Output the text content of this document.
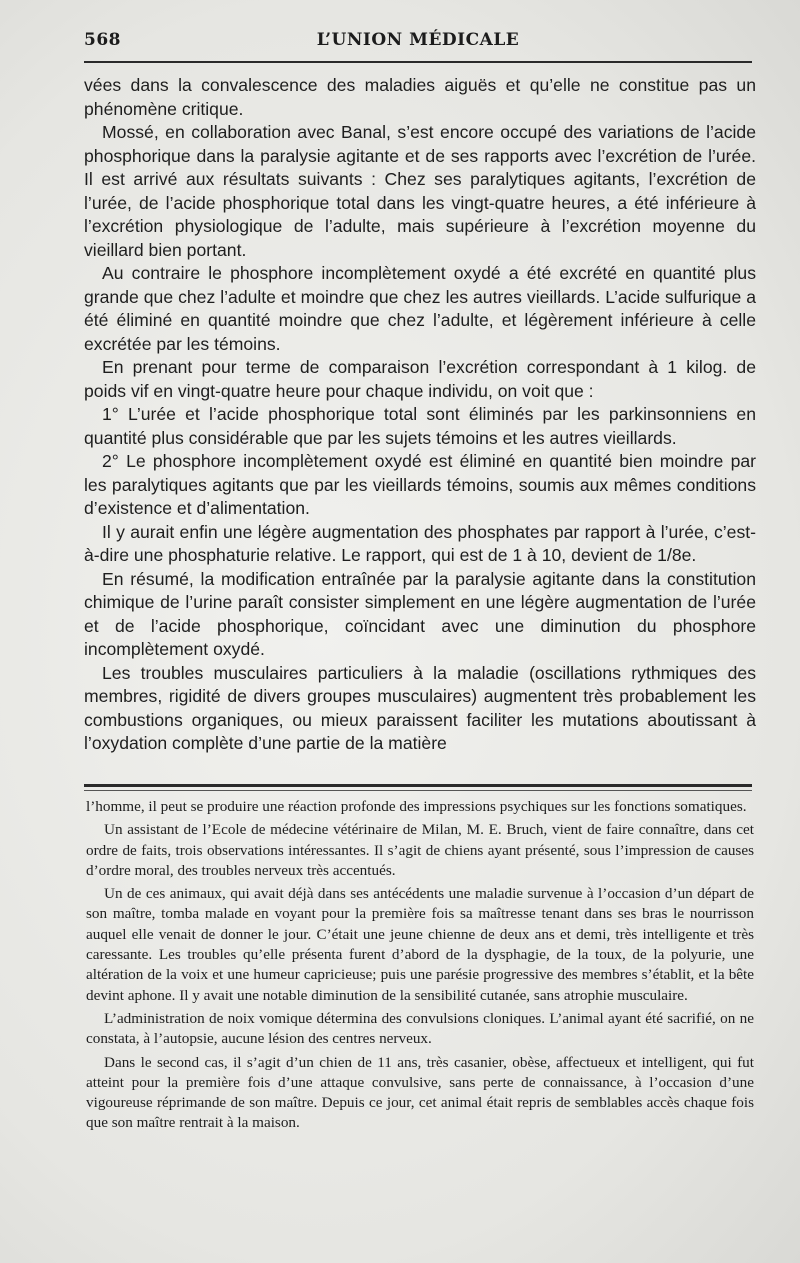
568	L’UNION MÉDICALE

vées dans la convalescence des maladies aiguës et qu’elle ne constitue pas un phénomène critique.

Mossé, en collaboration avec Banal, s’est encore occupé des variations de l’acide phosphorique dans la paralysie agitante et de ses rapports avec l’excrétion de l’urée. Il est arrivé aux résultats suivants : Chez ses paralytiques agitants, l’excrétion de l’urée, de l’acide phosphorique total dans les vingt-quatre heures, a été inférieure à l’excrétion physiologique de l’adulte, mais supérieure à l’excrétion moyenne du vieillard bien portant.

Au contraire le phosphore incomplètement oxydé a été excrété en quantité plus grande que chez l’adulte et moindre que chez les autres vieillards. L’acide sulfurique a été éliminé en quantité moindre que chez l’adulte, et légèrement inférieure à celle excrétée par les témoins.

En prenant pour terme de comparaison l’excrétion correspondant à 1 kilog. de poids vif en vingt-quatre heure pour chaque individu, on voit que :

1° L’urée et l’acide phosphorique total sont éliminés par les parkinsonniens en quantité plus considérable que par les sujets témoins et les autres vieillards.

2° Le phosphore incomplètement oxydé est éliminé en quantité bien moindre par les paralytiques agitants que par les vieillards témoins, soumis aux mêmes conditions d’existence et d’alimentation.

Il y aurait enfin une légère augmentation des phosphates par rapport à l’urée, c’est-à-dire une phosphaturie relative. Le rapport, qui est de 1 à 10, devient de 1/8e.

En résumé, la modification entraînée par la paralysie agitante dans la constitution chimique de l’urine paraît consister simplement en une légère augmentation de l’urée et de l’acide phosphorique, coïncidant avec une diminution du phosphore incomplètement oxydé.

Les troubles musculaires particuliers à la maladie (oscillations rythmiques des membres, rigidité de divers groupes musculaires) augmentent très probablement les combustions organiques, ou mieux paraissent faciliter les mutations aboutissant à l’oxydation complète d’une partie de la matière

l’homme, il peut se produire une réaction profonde des impressions psychiques sur les fonctions somatiques.

Un assistant de l’Ecole de médecine vétérinaire de Milan, M. E. Bruch, vient de faire connaître, dans cet ordre de faits, trois observations intéressantes. Il s’agit de chiens ayant présenté, sous l’impression de causes d’ordre moral, des troubles nerveux très accentués.

Un de ces animaux, qui avait déjà dans ses antécédents une maladie survenue à l’occasion d’un départ de son maître, tomba malade en voyant pour la première fois sa maîtresse tenant dans ses bras le nourrisson auquel elle venait de donner le jour. C’était une jeune chienne de deux ans et demi, très intelligente et très caressante. Les troubles qu’elle présenta furent d’abord de la dysphagie, de la toux, de la polyurie, une altération de la voix et une humeur capricieuse; puis une parésie progressive des membres s’établit, et la bête devint aphone. Il y avait une notable diminution de la sensibilité cutanée, sans atrophie musculaire.

L’administration de noix vomique détermina des convulsions cloniques. L’animal ayant été sacrifié, on ne constata, à l’autopsie, aucune lésion des centres nerveux.

Dans le second cas, il s’agit d’un chien de 11 ans, très casanier, obèse, affectueux et intelligent, qui fut atteint pour la première fois d’une attaque convulsive, sans perte de connaissance, à l’occasion d’une vigoureuse réprimande de son maître. Depuis ce jour, cet animal était repris de semblables accès chaque fois que son maître rentrait à la maison.
